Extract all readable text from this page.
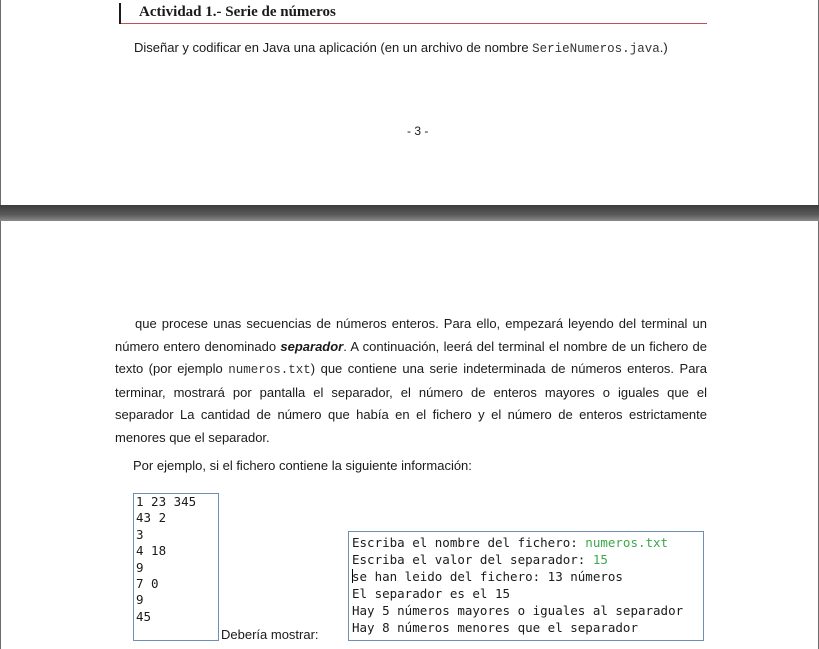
Actividad 1.- Serie de números
Diseñar y codificar en Java una aplicación (en un archivo de nombre SerieNumeros.java.)
- 3 -
que procese unas secuencias de números enteros. Para ello, empezará leyendo del terminal un número entero denominado separador. A continuación, leerá del terminal el nombre de un fichero de texto (por ejemplo numeros.txt) que contiene una serie indeterminada de números enteros. Para terminar, mostrará por pantalla el separador, el número de enteros mayores o iguales que el separador La cantidad de número que había en el fichero y el número de enteros estrictamente menores que el separador.
Por ejemplo, si el fichero contiene la siguiente información:
1 23 345
43 2
3
4 18
9
7 0
9
45
Debería mostrar:
Escriba el nombre del fichero: numeros.txt
Escriba el valor del separador: 15
se han leido del fichero: 13 números
El separador es el 15
Hay 5 números mayores o iguales al separador
Hay 8 números menores que el separador
